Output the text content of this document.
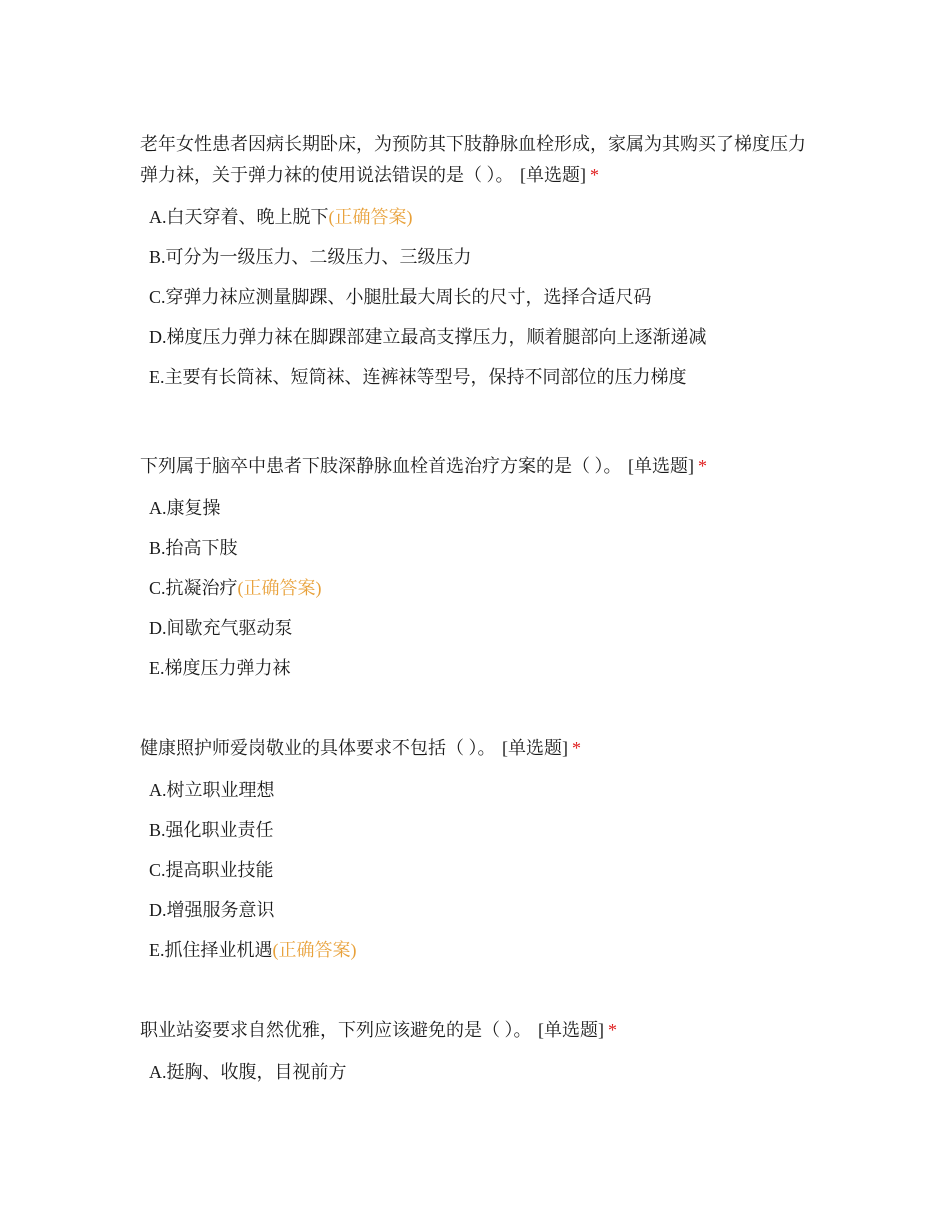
老年女性患者因病长期卧床，为预防其下肢静脉血栓形成，家属为其购买了梯度压力弹力袜，关于弹力袜的使用说法错误的是（ ）。 [单选题] *

A.白天穿着、晚上脱下(正确答案)
B.可分为一级压力、二级压力、三级压力
C.穿弹力袜应测量脚踝、小腿肚最大周长的尺寸，选择合适尺码
D.梯度压力弹力袜在脚踝部建立最高支撑压力，顺着腿部向上逐渐递减
E.主要有长筒袜、短筒袜、连裤袜等型号，保持不同部位的压力梯度

下列属于脑卒中患者下肢深静脉血栓首选治疗方案的是（ ）。 [单选题] *

A.康复操
B.抬高下肢
C.抗凝治疗(正确答案)
D.间歇充气驱动泵
E.梯度压力弹力袜

健康照护师爱岗敬业的具体要求不包括（ ）。 [单选题] *

A.树立职业理想
B.强化职业责任
C.提高职业技能
D.增强服务意识
E.抓住择业机遇(正确答案)

职业站姿要求自然优雅，下列应该避免的是（ ）。 [单选题] *

A.挺胸、收腹，目视前方
